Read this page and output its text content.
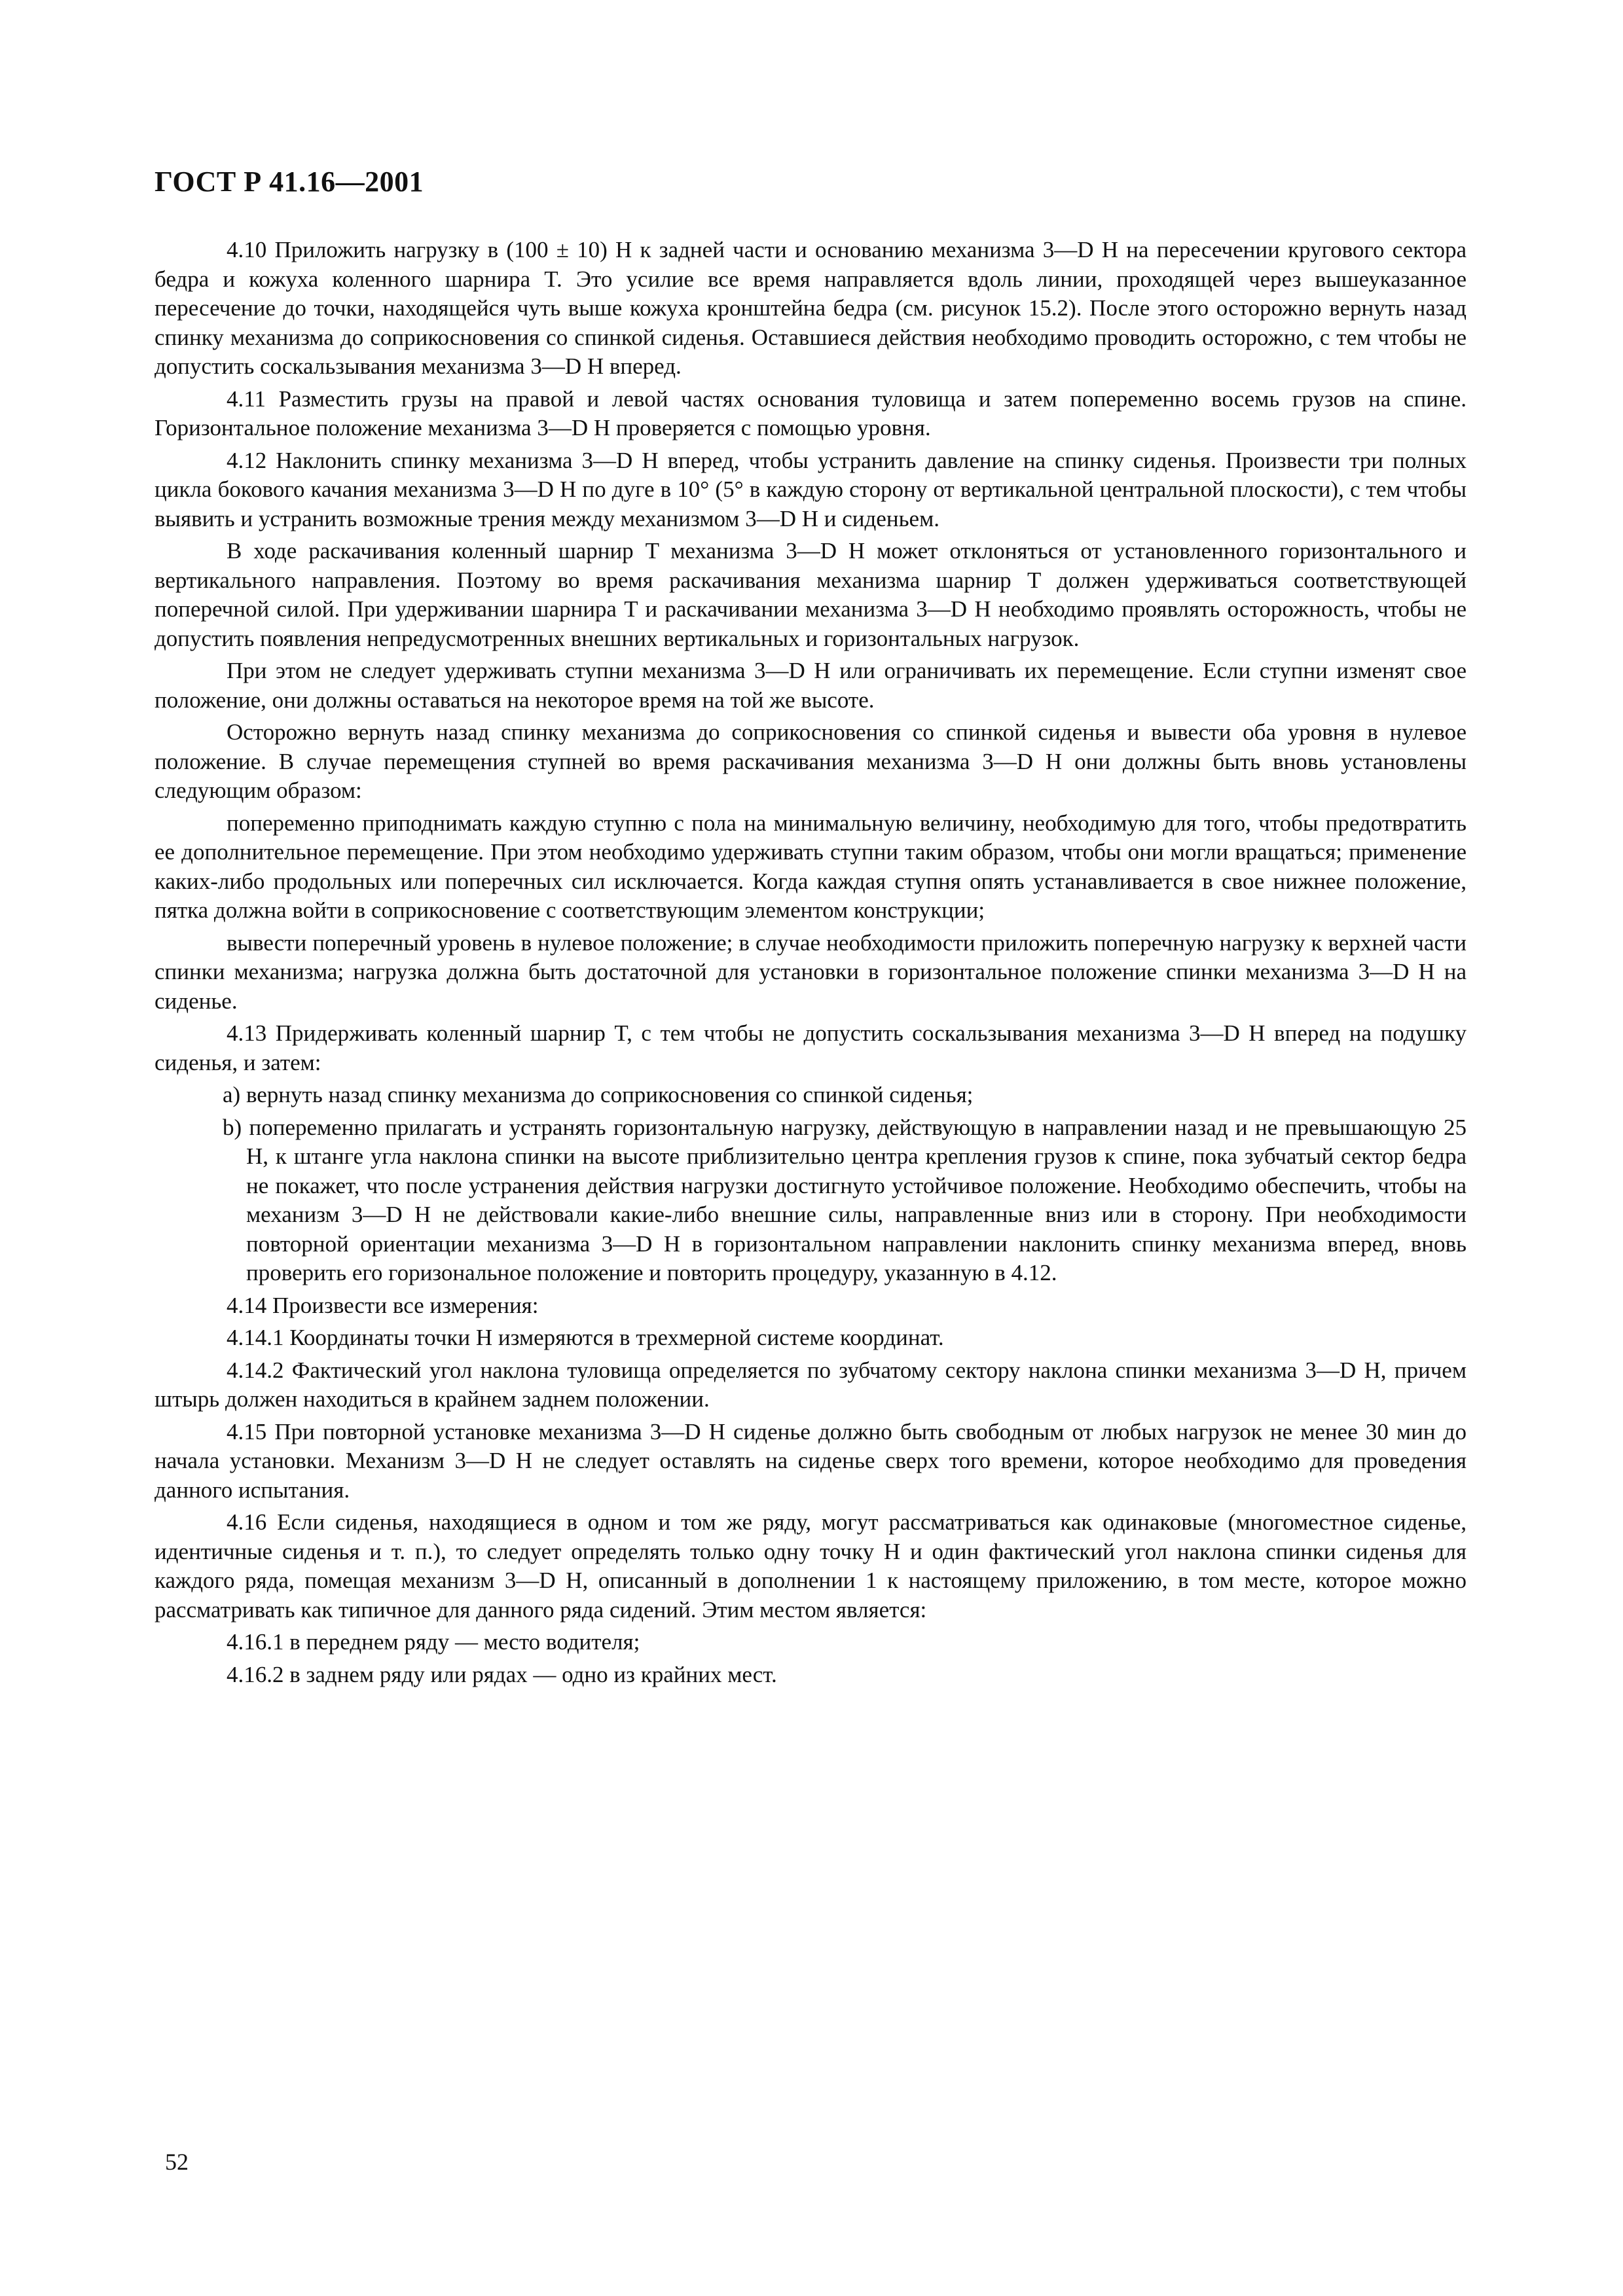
ГОСТ Р 41.16—2001

4.10 Приложить нагрузку в (100 ± 10) Н к задней части и основанию механизма 3—D H на пересечении кругового сектора бедра и кожуха коленного шарнира T. Это усилие все время направляется вдоль линии, проходящей через вышеуказанное пересечение до точки, находящейся чуть выше кожуха кронштейна бедра (см. рисунок 15.2). После этого осторожно вернуть назад спинку механизма до соприкосновения со спинкой сиденья. Оставшиеся действия необходимо проводить осторожно, с тем чтобы не допустить соскальзывания механизма 3—D H вперед.

4.11 Разместить грузы на правой и левой частях основания туловища и затем попеременно восемь грузов на спине. Горизонтальное положение механизма 3—D H проверяется с помощью уровня.

4.12 Наклонить спинку механизма 3—D H вперед, чтобы устранить давление на спинку сиденья. Произвести три полных цикла бокового качания механизма 3—D H по дуге в 10° (5° в каждую сторону от вертикальной центральной плоскости), с тем чтобы выявить и устранить возможные трения между механизмом 3—D H и сиденьем.

В ходе раскачивания коленный шарнир T механизма 3—D H может отклоняться от установленного горизонтального и вертикального направления. Поэтому во время раскачивания механизма шарнир T должен удерживаться соответствующей поперечной силой. При удерживании шарнира T и раскачивании механизма 3—D H необходимо проявлять осторожность, чтобы не допустить появления непредусмотренных внешних вертикальных и горизонтальных нагрузок.

При этом не следует удерживать ступни механизма 3—D H или ограничивать их перемещение. Если ступни изменят свое положение, они должны оставаться на некоторое время на той же высоте.

Осторожно вернуть назад спинку механизма до соприкосновения со спинкой сиденья и вывести оба уровня в нулевое положение. В случае перемещения ступней во время раскачивания механизма 3—D H они должны быть вновь установлены следующим образом:

попеременно приподнимать каждую ступню с пола на минимальную величину, необходимую для того, чтобы предотвратить ее дополнительное перемещение. При этом необходимо удерживать ступни таким образом, чтобы они могли вращаться; применение каких-либо продольных или поперечных сил исключается. Когда каждая ступня опять устанавливается в свое нижнее положение, пятка должна войти в соприкосновение с соответствующим элементом конструкции;

вывести поперечный уровень в нулевое положение; в случае необходимости приложить поперечную нагрузку к верхней части спинки механизма; нагрузка должна быть достаточной для установки в горизонтальное положение спинки механизма 3—D H на сиденье.

4.13 Придерживать коленный шарнир T, с тем чтобы не допустить соскальзывания механизма 3—D H вперед на подушку сиденья, и затем:

a) вернуть назад спинку механизма до соприкосновения со спинкой сиденья;

b) попеременно прилагать и устранять горизонтальную нагрузку, действующую в направлении назад и не превышающую 25 Н, к штанге угла наклона спинки на высоте приблизительно центра крепления грузов к спине, пока зубчатый сектор бедра не покажет, что после устранения действия нагрузки достигнуто устойчивое положение. Необходимо обеспечить, чтобы на механизм 3—D H не действовали какие-либо внешние силы, направленные вниз или в сторону. При необходимости повторной ориентации механизма 3—D H в горизонтальном направлении наклонить спинку механизма вперед, вновь проверить его горизональное положение и повторить процедуру, указанную в 4.12.

4.14 Произвести все измерения:

4.14.1 Координаты точки H измеряются в трехмерной системе координат.

4.14.2 Фактический угол наклона туловища определяется по зубчатому сектору наклона спинки механизма 3—D H, причем штырь должен находиться в крайнем заднем положении.

4.15 При повторной установке механизма 3—D H сиденье должно быть свободным от любых нагрузок не менее 30 мин до начала установки. Механизм 3—D H не следует оставлять на сиденье сверх того времени, которое необходимо для проведения данного испытания.

4.16 Если сиденья, находящиеся в одном и том же ряду, могут рассматриваться как одинаковые (многоместное сиденье, идентичные сиденья и т. п.), то следует определять только одну точку H и один фактический угол наклона спинки сиденья для каждого ряда, помещая механизм 3—D H, описанный в дополнении 1 к настоящему приложению, в том месте, которое можно рассматривать как типичное для данного ряда сидений. Этим местом является:

4.16.1 в переднем ряду — место водителя;

4.16.2 в заднем ряду или рядах — одно из крайних мест.

52
